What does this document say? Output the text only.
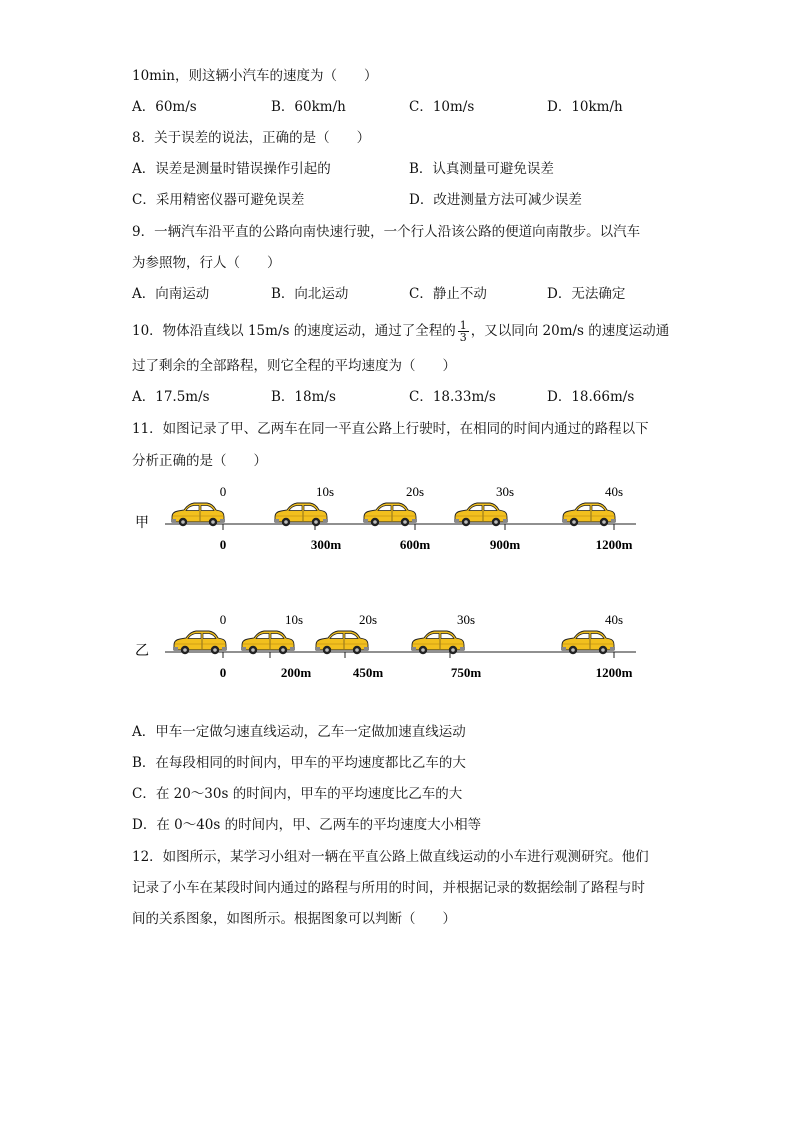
10min，则这辆小汽车的速度为（　　）
A．60m/s	B．60km/h	C．10m/s	D．10km/h
8．关于误差的说法，正确的是（　　）
A．误差是测量时错误操作引起的	B．认真测量可避免误差
C．采用精密仪器可避免误差	D．改进测量方法可减少误差
9．一辆汽车沿平直的公路向南快速行驶，一个行人沿该公路的便道向南散步。以汽车
为参照物，行人（　　）
A．向南运动	B．向北运动	C．静止不动	D．无法确定
10．物体沿直线以 15m/s 的速度运动，通过了全程的 $\frac{1}{3}$ ，又以同向 20m/s 的速度运动通
过了剩余的全部路程，则它全程的平均速度为（　　）
A．17.5m/s	B．18m/s	C．18.33m/s	D．18.66m/s
11．如图记录了甲、乙两车在同一平直公路上行驶时，在相同的时间内通过的路程以下
分析正确的是（　　）
甲
0	10s	20s	30s	40s
0	300m	600m	900m	1200m
乙
0	10s	20s	30s	40s
0	200m	450m	750m	1200m
A．甲车一定做匀速直线运动，乙车一定做加速直线运动
B．在每段相同的时间内，甲车的平均速度都比乙车的大
C．在 20～30s 的时间内，甲车的平均速度比乙车的大
D．在 0～40s 的时间内，甲、乙两车的平均速度大小相等
12．如图所示，某学习小组对一辆在平直公路上做直线运动的小车进行观测研究。他们
记录了小车在某段时间内通过的路程与所用的时间，并根据记录的数据绘制了路程与时
间的关系图象，如图所示。根据图象可以判断（　　）
